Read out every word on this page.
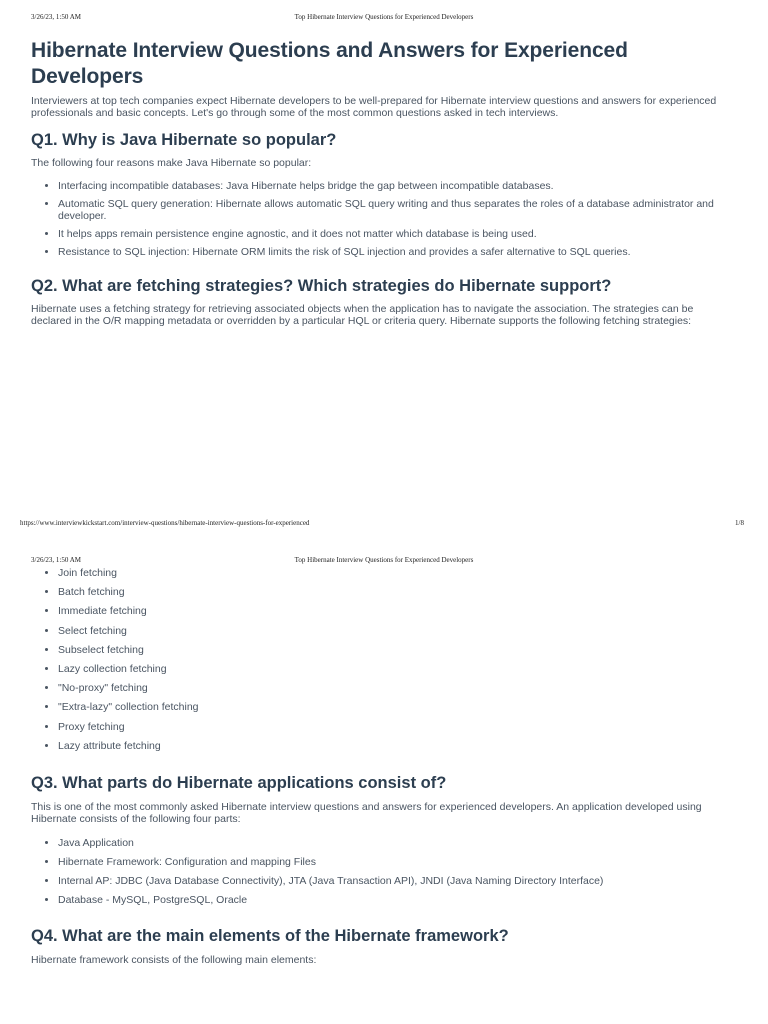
3/26/23, 1:50 AM	Top Hibernate Interview Questions for Experienced Developers
Hibernate Interview Questions and Answers for Experienced Developers

Interviewers at top tech companies expect Hibernate developers to be well-prepared for Hibernate interview questions and answers for experienced professionals and basic concepts. Let's go through some of the most common questions asked in tech interviews.

Q1. Why is Java Hibernate so popular?

The following four reasons make Java Hibernate so popular:

• Interfacing incompatible databases: Java Hibernate helps bridge the gap between incompatible databases.
• Automatic SQL query generation: Hibernate allows automatic SQL query writing and thus separates the roles of a database administrator and developer.
• It helps apps remain persistence engine agnostic, and it does not matter which database is being used.
• Resistance to SQL injection: Hibernate ORM limits the risk of SQL injection and provides a safer alternative to SQL queries.
Q2. What are fetching strategies? Which strategies do Hibernate support?

Hibernate uses a fetching strategy for retrieving associated objects when the application has to navigate the association. The strategies can be declared in the O/R mapping metadata or overridden by a particular HQL or criteria query. Hibernate supports the following fetching strategies:

https://www.interviewkickstart.com/interview-questions/hibernate-interview-questions-for-experienced	1/8
3/26/23, 1:50 AM	Top Hibernate Interview Questions for Experienced Developers
• Join fetching
• Batch fetching
• Immediate fetching
• Select fetching
• Subselect fetching
• Lazy collection fetching
• "No-proxy" fetching
• "Extra-lazy" collection fetching
• Proxy fetching
• Lazy attribute fetching
Q3. What parts do Hibernate applications consist of?

This is one of the most commonly asked Hibernate interview questions and answers for experienced developers. An application developed using Hibernate consists of the following four parts:

• Java Application
• Hibernate Framework: Configuration and mapping Files
• Internal AP: JDBC (Java Database Connectivity), JTA (Java Transaction API), JNDI (Java Naming Directory Interface)
• Database - MySQL, PostgreSQL, Oracle
Q4. What are the main elements of the Hibernate framework?

Hibernate framework consists of the following main elements:
